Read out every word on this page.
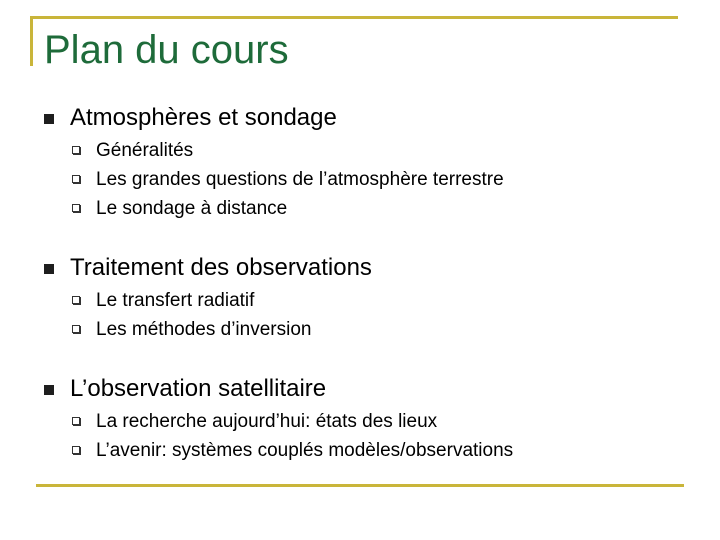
Plan du cours
Atmosphères et sondage
Généralités
Les grandes questions de l’atmosphère terrestre
Le sondage à distance
Traitement des observations
Le transfert radiatif
Les méthodes d’inversion
L’observation satellitaire
La recherche aujourd’hui: états des lieux
L’avenir: systèmes couplés modèles/observations
